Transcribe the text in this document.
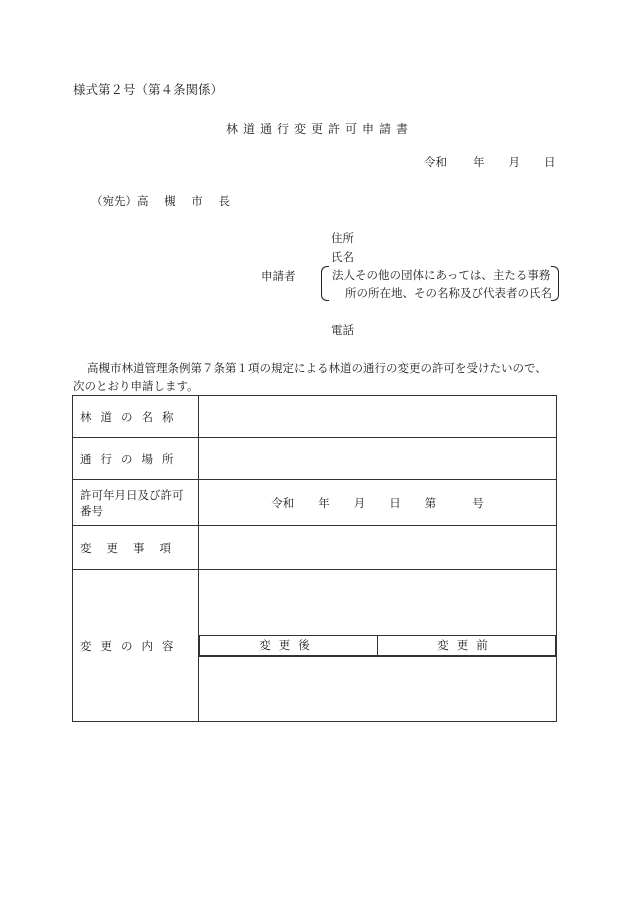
様式第２号（第４条関係）
林道通行変更許可申請書
令和 年 月 日
（宛先）高 槻 市 長
住所
氏名
申請者	法人その他の団体にあっては、主たる事務
所の所在地、その名称及び代表者の氏名
電話
高槻市林道管理条例第７条第１項の規定による林道の通行の変更の許可を受けたいので、
次のとおり申請します。
林道の名称	
通行の場所	

許可年月日及び許可
番号
	令和 年 月 日 第	号
変更事項	
変更の内容		変更後	変更前
